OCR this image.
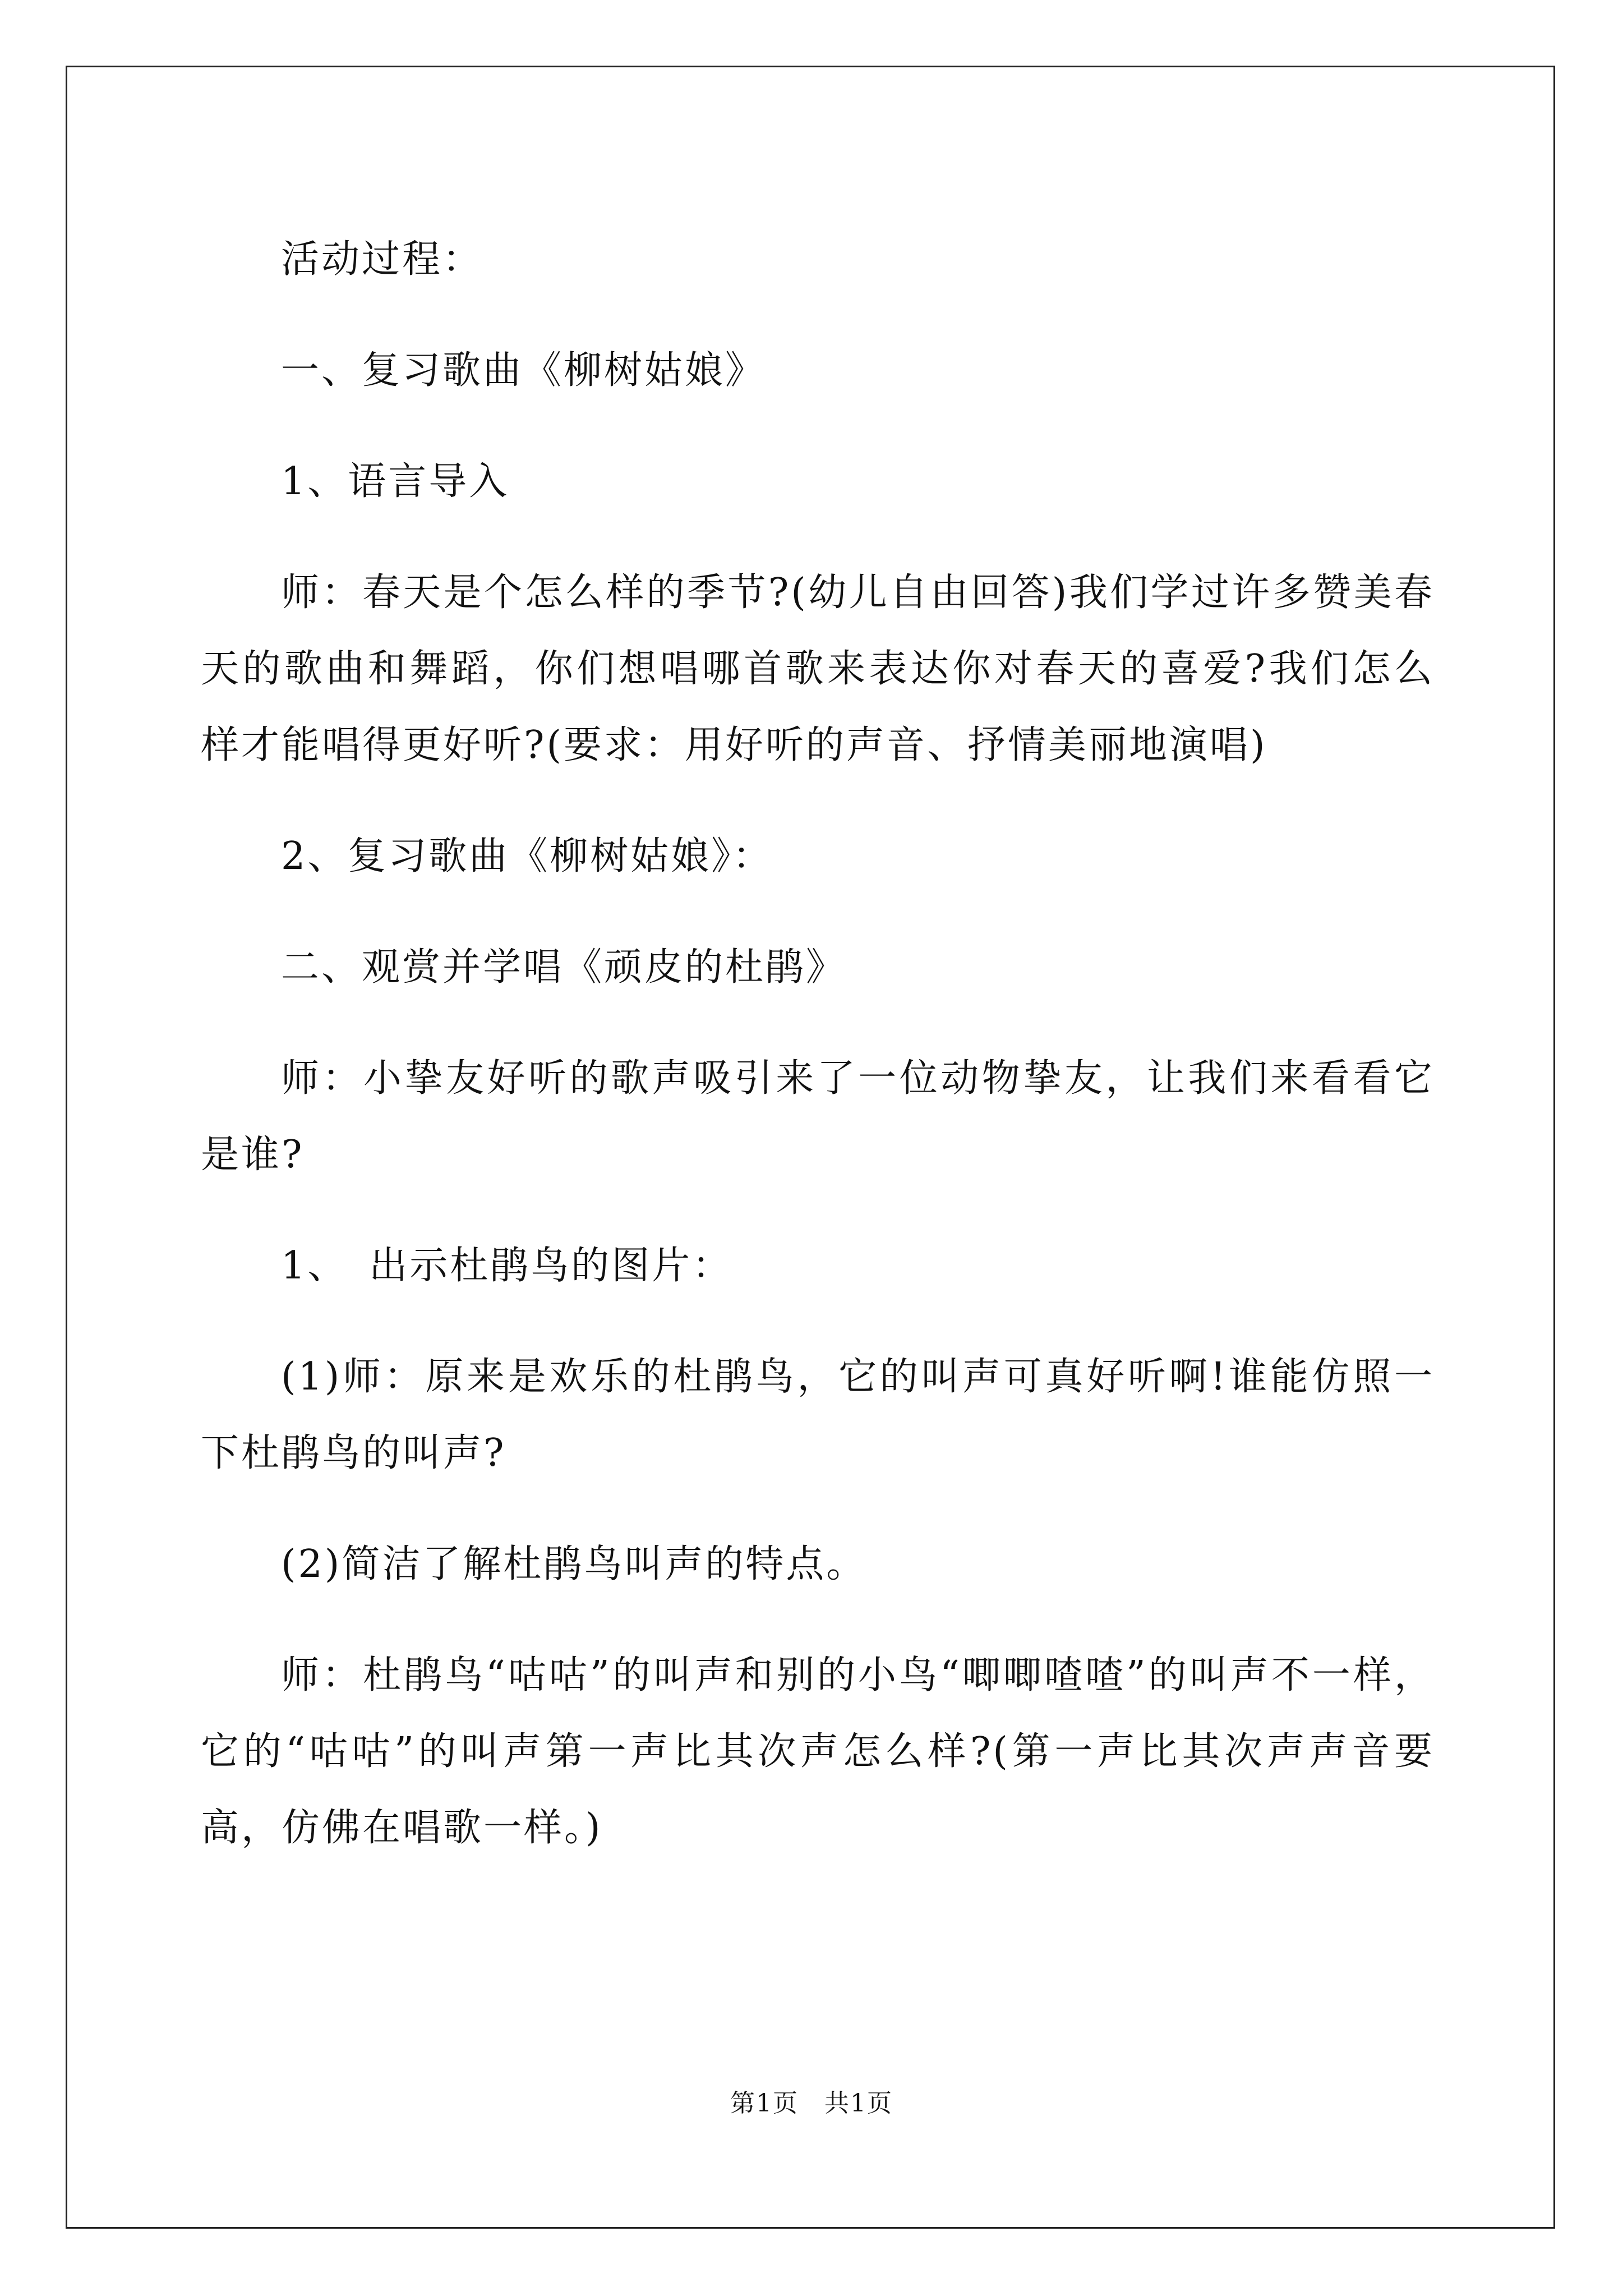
活动过程：

一、复习歌曲《柳树姑娘》

1、语言导入

师：春天是个怎么样的季节?(幼儿自由回答)我们学过许多赞美春天的歌曲和舞蹈，你们想唱哪首歌来表达你对春天的喜爱?我们怎么样才能唱得更好听?(要求：用好听的声音、抒情美丽地演唱)

2、复习歌曲《柳树姑娘》：

二、观赏并学唱《顽皮的杜鹃》

师：小挚友好听的歌声吸引来了一位动物挚友，让我们来看看它是谁?

1、　出示杜鹃鸟的图片：

(1)师：原来是欢乐的杜鹃鸟，它的叫声可真好听啊!谁能仿照一下杜鹃鸟的叫声?

(2)简洁了解杜鹃鸟叫声的特点。

师：杜鹃鸟“咕咕”的叫声和别的小鸟“唧唧喳喳”的叫声不一样，它的“咕咕”的叫声第一声比其次声怎么样?(第一声比其次声声音要高，仿佛在唱歌一样。)

第1页　共1页
